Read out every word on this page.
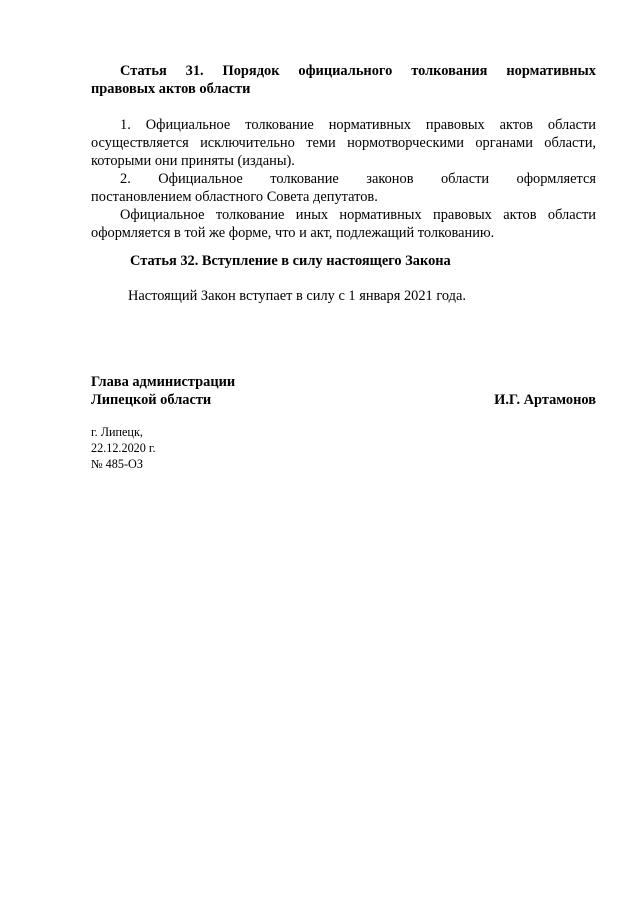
Статья 31. Порядок официального толкования нормативных
правовых актов области
1. Официальное толкование нормативных правовых актов области осуществляется исключительно теми нормотворческими органами области, которыми они приняты (изданы).
2. Официальное толкование законов области оформляется
постановлением областного Совета депутатов.
Официальное толкование иных нормативных правовых актов области оформляется в той же форме, что и акт, подлежащий толкованию.
Статья 32. Вступление в силу настоящего Закона
Настоящий Закон вступает в силу с 1 января 2021 года.
Глава администрации
Липецкой области	И.Г. Артамонов
г. Липецк,
22.12.2020 г.
№ 485-ОЗ
